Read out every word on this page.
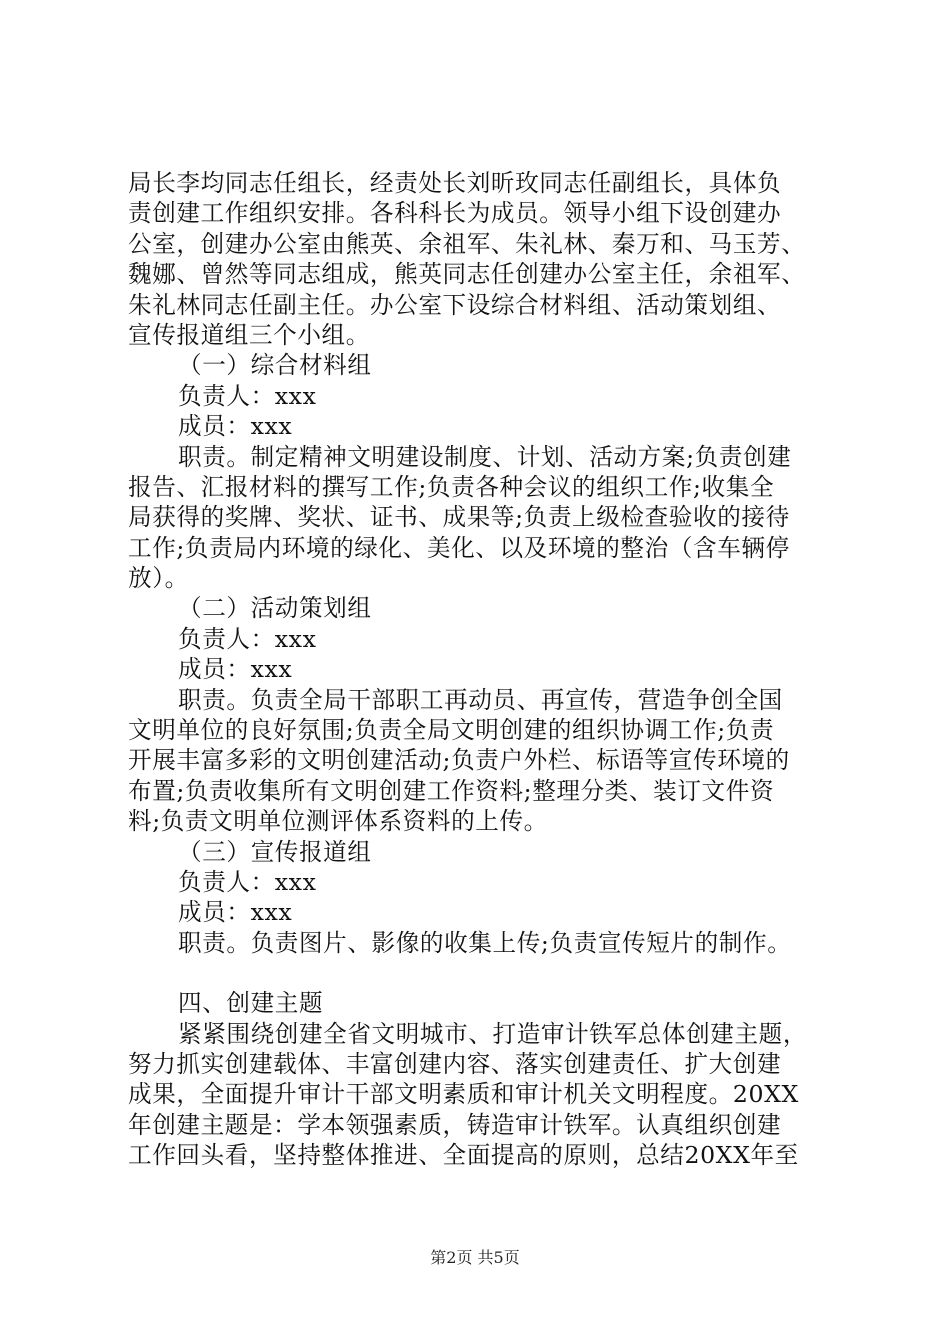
局长李均同志任组长，经责处长刘昕玫同志任副组长，具体负
责创建工作组织安排。各科科长为成员。领导小组下设创建办
公室，创建办公室由熊英、余祖军、朱礼林、秦万和、马玉芳、
魏娜、曾然等同志组成，熊英同志任创建办公室主任，余祖军、
朱礼林同志任副主任。办公室下设综合材料组、活动策划组、
宣传报道组三个小组。
（一）综合材料组
负责人：xxx
成员：xxx
职责。制定精神文明建设制度、计划、活动方案;负责创建
报告、汇报材料的撰写工作;负责各种会议的组织工作;收集全
局获得的奖牌、奖状、证书、成果等;负责上级检查验收的接待
工作;负责局内环境的绿化、美化、以及环境的整治（含车辆停
放）。
（二）活动策划组
负责人：xxx
成员：xxx
职责。负责全局干部职工再动员、再宣传，营造争创全国
文明单位的良好氛围;负责全局文明创建的组织协调工作;负责
开展丰富多彩的文明创建活动;负责户外栏、标语等宣传环境的
布置;负责收集所有文明创建工作资料;整理分类、装订文件资
料;负责文明单位测评体系资料的上传。
（三）宣传报道组
负责人：xxx
成员：xxx
职责。负责图片、影像的收集上传;负责宣传短片的制作。
四、创建主题
紧紧围绕创建全省文明城市、打造审计铁军总体创建主题，
努力抓实创建载体、丰富创建内容、落实创建责任、扩大创建
成果，全面提升审计干部文明素质和审计机关文明程度。20XX
年创建主题是：学本领强素质，铸造审计铁军。认真组织创建
工作回头看，坚持整体推进、全面提高的原则，总结20XX年至
第2页 共5页
